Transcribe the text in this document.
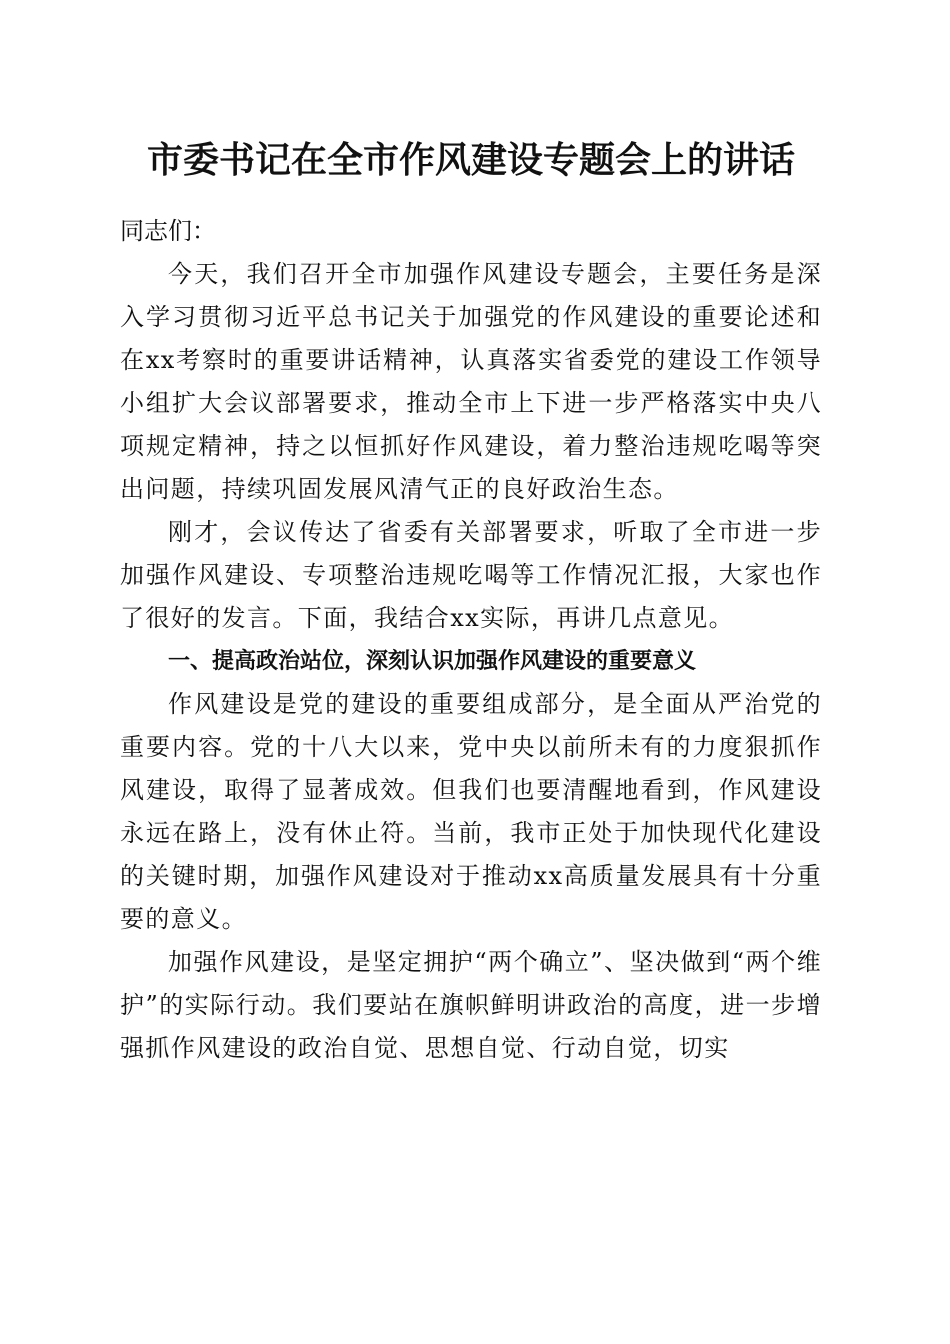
市委书记在全市作风建设专题会上的讲话

同志们：

今天，我们召开全市加强作风建设专题会，主要任务是深入学习贯彻习近平总书记关于加强党的作风建设的重要论述和在xx考察时的重要讲话精神，认真落实省委党的建设工作领导小组扩大会议部署要求，推动全市上下进一步严格落实中央八项规定精神，持之以恒抓好作风建设，着力整治违规吃喝等突出问题，持续巩固发展风清气正的良好政治生态。

刚才，会议传达了省委有关部署要求，听取了全市进一步加强作风建设、专项整治违规吃喝等工作情况汇报，大家也作了很好的发言。下面，我结合xx实际，再讲几点意见。

一、提高政治站位，深刻认识加强作风建设的重要意义

作风建设是党的建设的重要组成部分，是全面从严治党的重要内容。党的十八大以来，党中央以前所未有的力度狠抓作风建设，取得了显著成效。但我们也要清醒地看到，作风建设永远在路上，没有休止符。当前，我市正处于加快现代化建设的关键时期，加强作风建设对于推动xx高质量发展具有十分重要的意义。

加强作风建设，是坚定拥护“两个确立”、坚决做到“两个维护”的实际行动。我们要站在旗帜鲜明讲政治的高度，进一步增强抓作风建设的政治自觉、思想自觉、行动自觉，切实
